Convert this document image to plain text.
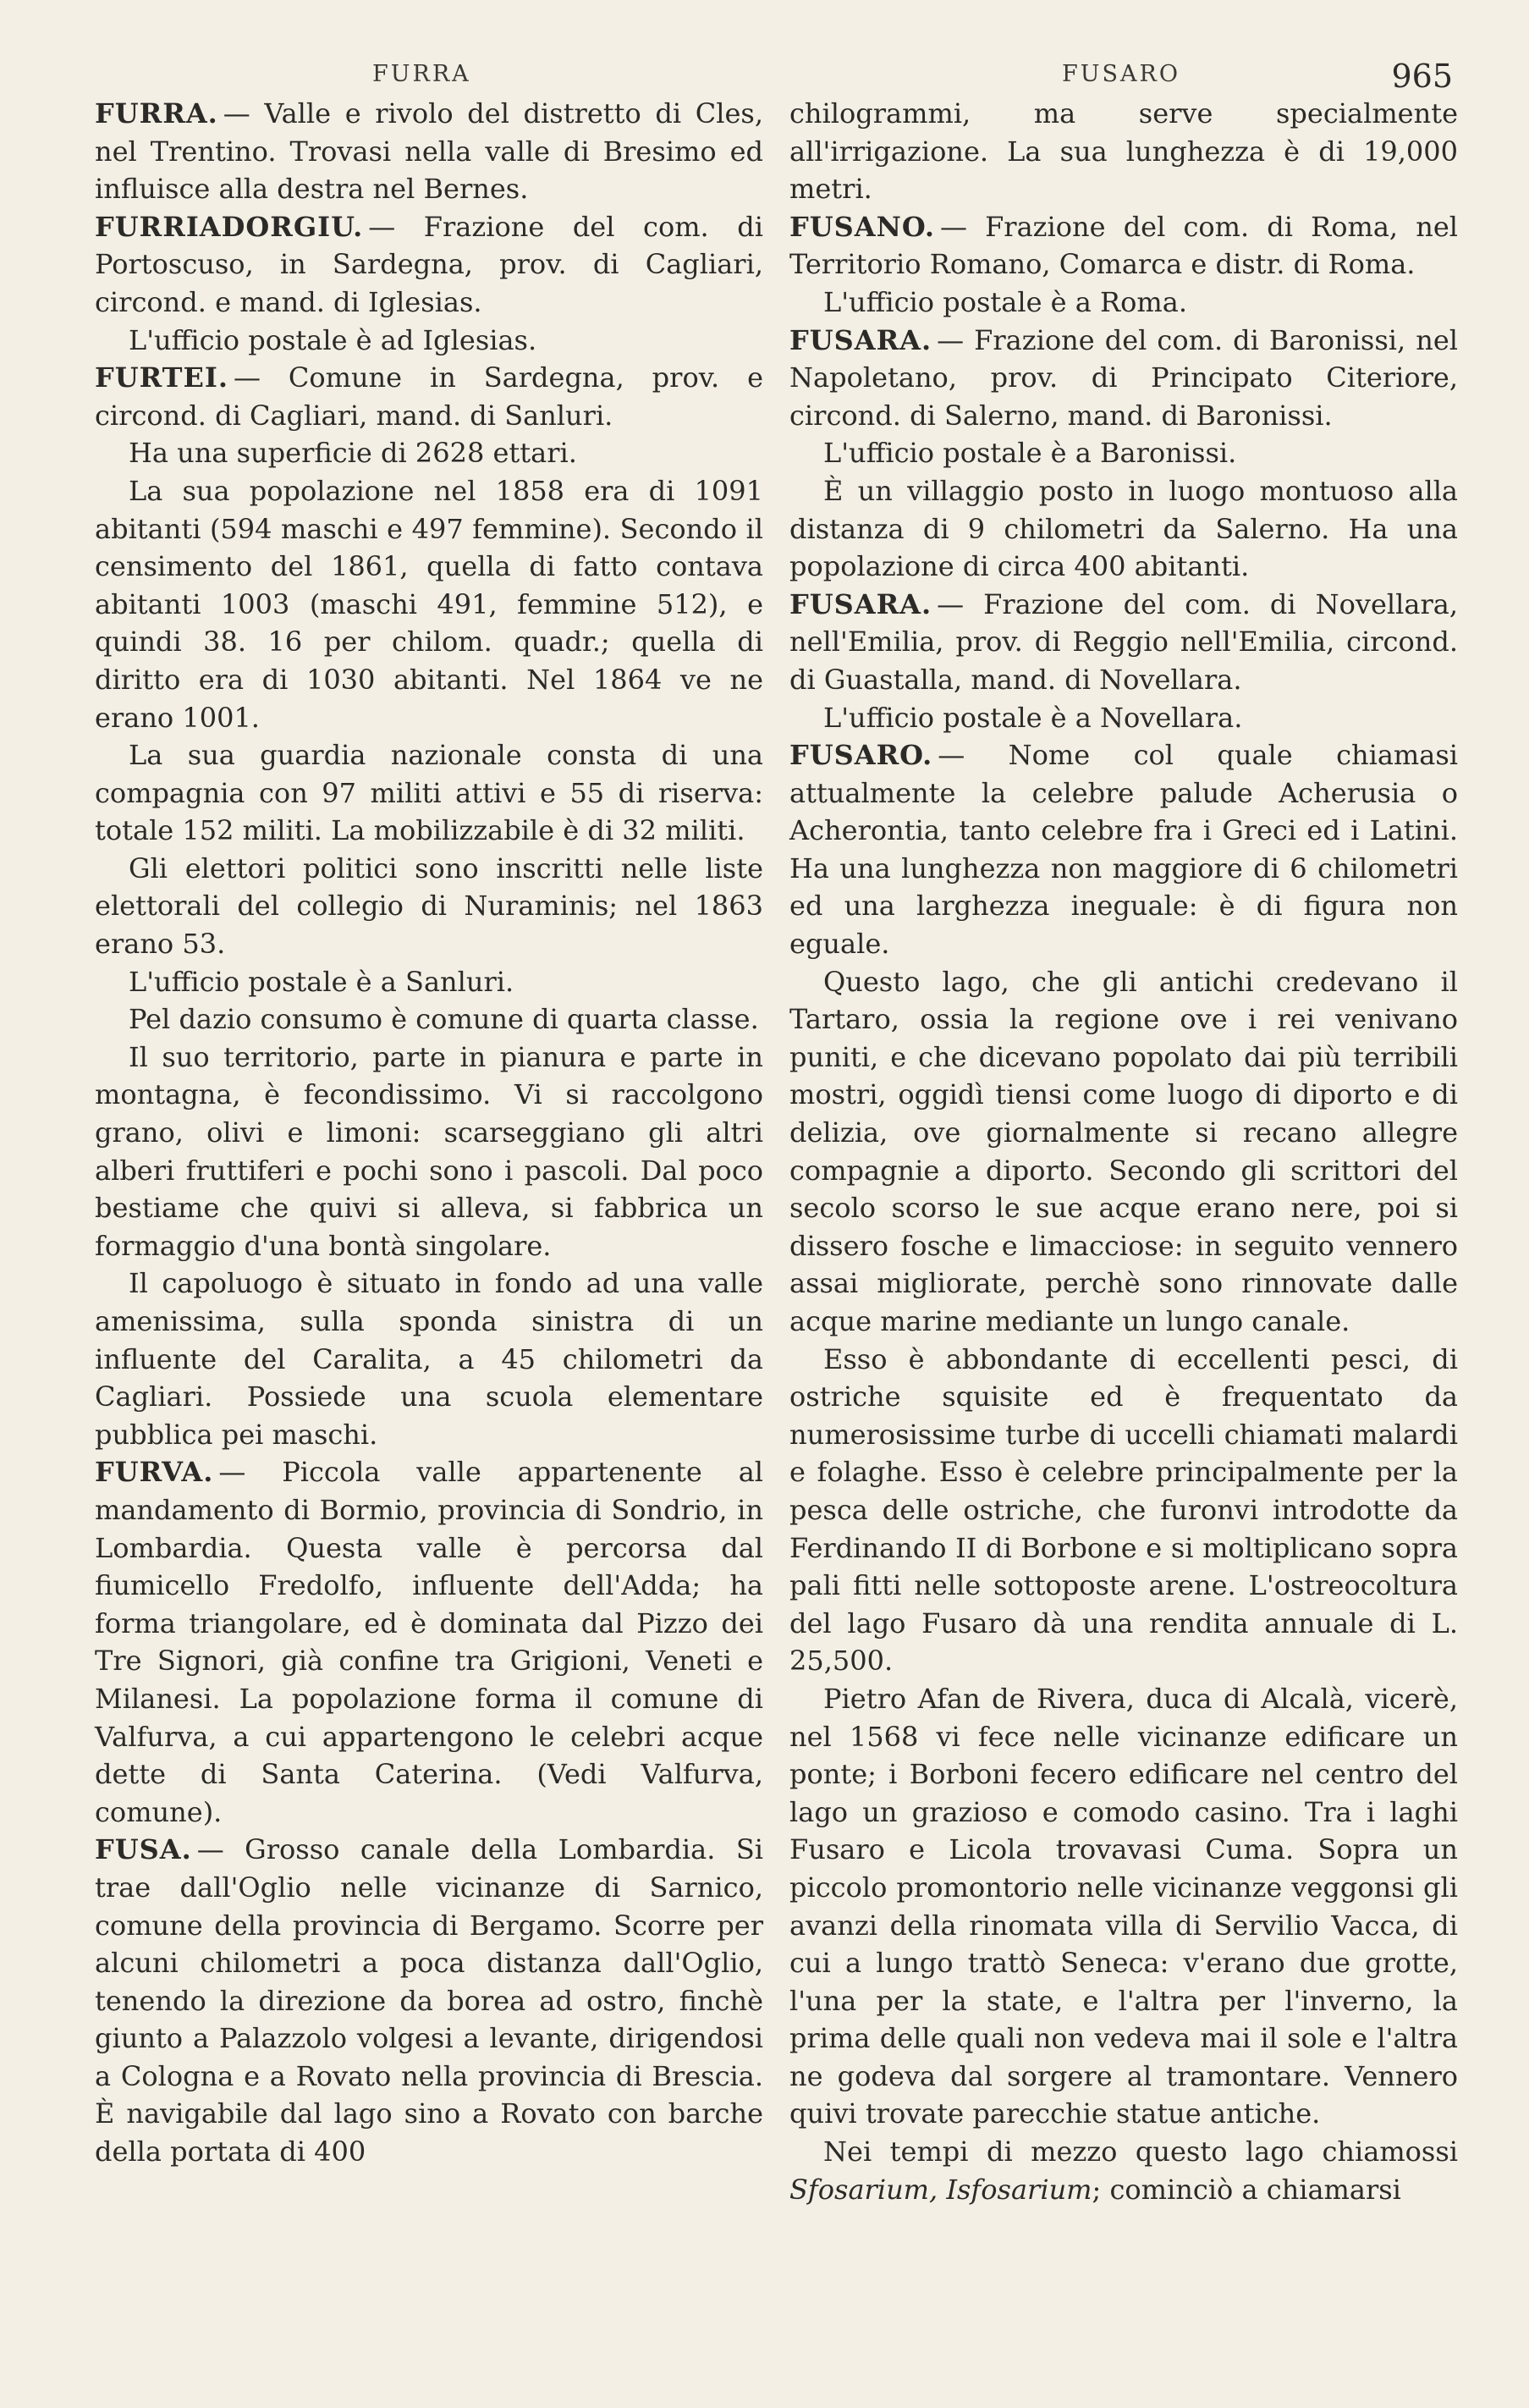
FURRA	FUSARO	965

FURRA. — Valle e rivolo del distretto di Cles, nel Trentino. Trovasi nella valle di Bresimo ed influisce alla destra nel Bernes.

FURRIADORGIU. — Frazione del com. di Portoscuso, in Sardegna, prov. di Cagliari, circond. e mand. di Iglesias.

L'ufficio postale è ad Iglesias.

FURTEI. — Comune in Sardegna, prov. e circond. di Cagliari, mand. di Sanluri.

Ha una superficie di 2628 ettari.

La sua popolazione nel 1858 era di 1091 abitanti (594 maschi e 497 femmine). Secondo il censimento del 1861, quella di fatto contava abitanti 1003 (maschi 491, femmine 512), e quindi 38. 16 per chilom. quadr.; quella di diritto era di 1030 abitanti. Nel 1864 ve ne erano 1001.

La sua guardia nazionale consta di una compagnia con 97 militi attivi e 55 di riserva: totale 152 militi. La mobilizzabile è di 32 militi.

Gli elettori politici sono inscritti nelle liste elettorali del collegio di Nuraminis; nel 1863 erano 53.

L'ufficio postale è a Sanluri.

Pel dazio consumo è comune di quarta classe.

Il suo territorio, parte in pianura e parte in montagna, è fecondissimo. Vi si raccolgono grano, olivi e limoni: scarseggiano gli altri alberi fruttiferi e pochi sono i pascoli. Dal poco bestiame che quivi si alleva, si fabbrica un formaggio d'una bontà singolare.

Il capoluogo è situato in fondo ad una valle amenissima, sulla sponda sinistra di un influente del Caralita, a 45 chilometri da Cagliari. Possiede una scuola elementare pubblica pei maschi.

FURVA. — Piccola valle appartenente al mandamento di Bormio, provincia di Sondrio, in Lombardia. Questa valle è percorsa dal fiumicello Fredolfo, influente dell'Adda; ha forma triangolare, ed è dominata dal Pizzo dei Tre Signori, già confine tra Grigioni, Veneti e Milanesi. La popolazione forma il comune di Valfurva, a cui appartengono le celebri acque dette di Santa Caterina. (Vedi Valfurva, comune).

FUSA. — Grosso canale della Lombardia. Si trae dall'Oglio nelle vicinanze di Sarnico, comune della provincia di Bergamo. Scorre per alcuni chilometri a poca distanza dall'Oglio, tenendo la direzione da borea ad ostro, finchè giunto a Palazzolo volgesi a levante, dirigendosi a Cologna e a Rovato nella provincia di Brescia. È navigabile dal lago sino a Rovato con barche della portata di 400

chilogrammi, ma serve specialmente all'irrigazione. La sua lunghezza è di 19,000 metri.

FUSANO. — Frazione del com. di Roma, nel Territorio Romano, Comarca e distr. di Roma.

L'ufficio postale è a Roma.

FUSARA. — Frazione del com. di Baronissi, nel Napoletano, prov. di Principato Citeriore, circond. di Salerno, mand. di Baronissi.

L'ufficio postale è a Baronissi.

È un villaggio posto in luogo montuoso alla distanza di 9 chilometri da Salerno. Ha una popolazione di circa 400 abitanti.

FUSARA. — Frazione del com. di Novellara, nell'Emilia, prov. di Reggio nell'Emilia, circond. di Guastalla, mand. di Novellara.

L'ufficio postale è a Novellara.

FUSARO. — Nome col quale chiamasi attualmente la celebre palude Acherusia o Acherontia, tanto celebre fra i Greci ed i Latini. Ha una lunghezza non maggiore di 6 chilometri ed una larghezza ineguale: è di figura non eguale.

Questo lago, che gli antichi credevano il Tartaro, ossia la regione ove i rei venivano puniti, e che dicevano popolato dai più terribili mostri, oggidì tiensi come luogo di diporto e di delizia, ove giornalmente si recano allegre compagnie a diporto. Secondo gli scrittori del secolo scorso le sue acque erano nere, poi si dissero fosche e limacciose: in seguito vennero assai migliorate, perchè sono rinnovate dalle acque marine mediante un lungo canale.

Esso è abbondante di eccellenti pesci, di ostriche squisite ed è frequentato da numerosissime turbe di uccelli chiamati malardi e folaghe. Esso è celebre principalmente per la pesca delle ostriche, che furonvi introdotte da Ferdinando II di Borbone e si moltiplicano sopra pali fitti nelle sottoposte arene. L'ostreocoltura del lago Fusaro dà una rendita annuale di L. 25,500.

Pietro Afan de Rivera, duca di Alcalà, vicerè, nel 1568 vi fece nelle vicinanze edificare un ponte; i Borboni fecero edificare nel centro del lago un grazioso e comodo casino. Tra i laghi Fusaro e Licola trovavasi Cuma. Sopra un piccolo promontorio nelle vicinanze veggonsi gli avanzi della rinomata villa di Servilio Vacca, di cui a lungo trattò Seneca: v'erano due grotte, l'una per la state, e l'altra per l'inverno, la prima delle quali non vedeva mai il sole e l'altra ne godeva dal sorgere al tramontare. Vennero quivi trovate parecchie statue antiche.

Nei tempi di mezzo questo lago chiamossi Sfosarium, Isfosarium; cominciò a chiamarsi
